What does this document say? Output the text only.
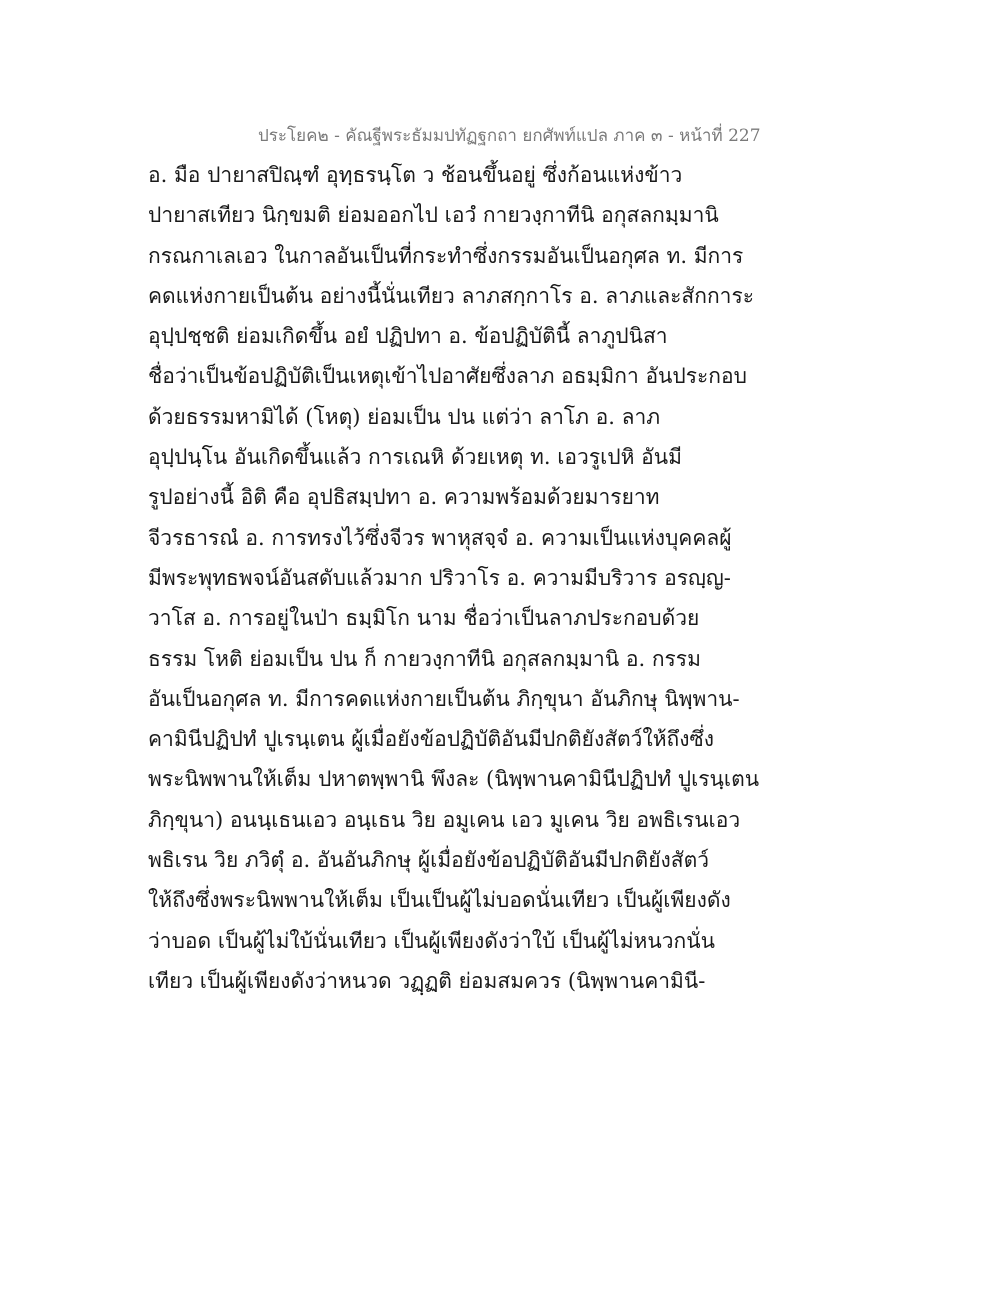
ประโยค๒ - คัณฐีพระธัมมปทัฏฐกถา ยกศัพท์แปล ภาค ๓ - หน้าที่ 227
อ. มือ ปายาสปิณฺฑํ อุทฺธรนฺโต ว ช้อนขึ้นอยู่ ซึ่งก้อนแห่งข้าว
ปายาสเทียว นิกฺขมติ ย่อมออกไป เอวํ กายวงฺกาทีนิ อกุสลกมฺมานิ
กรณกาเลเอว ในกาลอันเป็นที่กระทำซึ่งกรรมอันเป็นอกุศล ท. มีการ
คดแห่งกายเป็นต้น อย่างนี้นั่นเทียว ลาภสกฺกาโร อ. ลาภและสักการะ
อุปฺปชฺชติ ย่อมเกิดขึ้น อยํ ปฏิปทา อ. ข้อปฏิบัตินี้ ลาภูปนิสา
ชื่อว่าเป็นข้อปฏิบัติเป็นเหตุเข้าไปอาศัยซึ่งลาภ อธมฺมิกา อันประกอบ
ด้วยธรรมหามิได้ (โหตุ) ย่อมเป็น ปน แต่ว่า ลาโภ อ. ลาภ
อุปฺปนฺโน อันเกิดขึ้นแล้ว การเณหิ ด้วยเหตุ ท. เอวรูเปหิ อันมี
รูปอย่างนี้ อิติ คือ อุปธิสมฺปทา อ. ความพร้อมด้วยมารยาท
จีวรธารณํ อ. การทรงไว้ซึ่งจีวร พาหุสจฺจํ อ. ความเป็นแห่งบุคคลผู้
มีพระพุทธพจน์อันสดับแล้วมาก ปริวาโร อ. ความมีบริวาร อรญฺญ-
วาโส อ. การอยู่ในป่า ธมฺมิโก นาม ชื่อว่าเป็นลาภประกอบด้วย
ธรรม โหติ ย่อมเป็น ปน ก็ กายวงฺกาทีนิ อกุสลกมฺมานิ อ. กรรม
อันเป็นอกุศล ท. มีการคดแห่งกายเป็นต้น ภิกฺขุนา อันภิกษุ นิพฺพาน-
คามินีปฏิปทํ ปูเรนฺเตน ผู้เมื่อยังข้อปฏิบัติอันมีปกติยังสัตว์ให้ถึงซึ่ง
พระนิพพานให้เต็ม ปหาตพฺพานิ พึงละ (นิพฺพานคามินีปฏิปทํ ปูเรนฺเตน
ภิกฺขุนา) อนนฺเธนเอว อนฺเธน วิย อมูเคน เอว มูเคน วิย อพธิเรนเอว
พธิเรน วิย ภวิตุํ อ. อันอันภิกษุ ผู้เมื่อยังข้อปฏิบัติอันมีปกติยังสัตว์
ให้ถึงซึ่งพระนิพพานให้เต็ม เป็นเป็นผู้ไม่บอดนั่นเทียว เป็นผู้เพียงดัง
ว่าบอด เป็นผู้ไม่ใบ้นั่นเทียว เป็นผู้เพียงดังว่าใบ้ เป็นผู้ไม่หนวกนั่น
เทียว เป็นผู้เพียงดังว่าหนวด วฏฺฏติ ย่อมสมควร (นิพฺพานคามินี-
